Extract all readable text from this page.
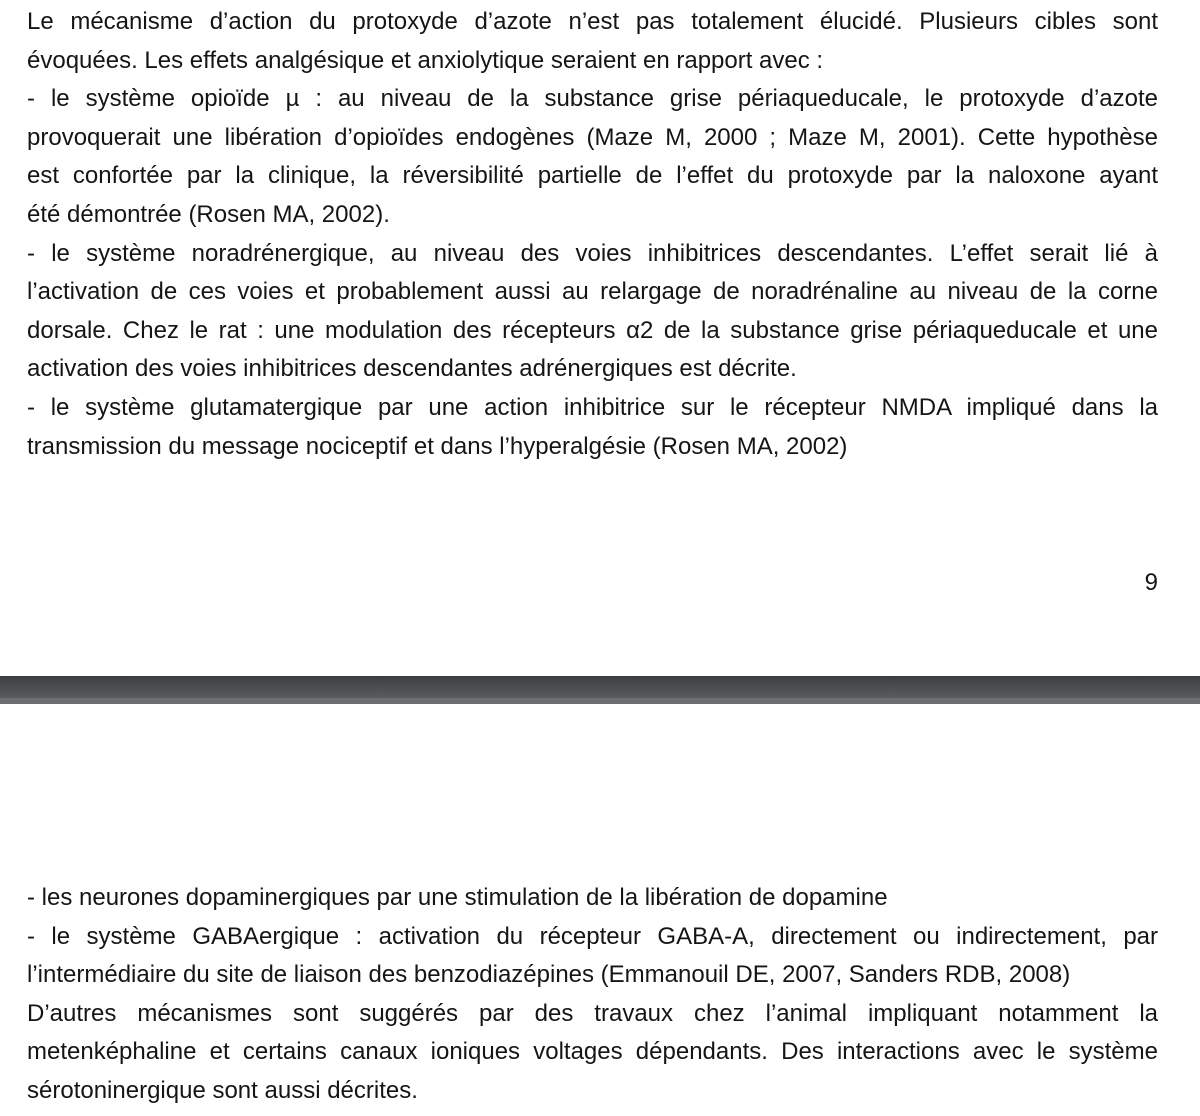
Le mécanisme d’action du protoxyde d’azote n’est pas totalement élucidé. Plusieurs cibles sont
évoquées. Les effets analgésique et anxiolytique seraient en rapport avec :
- le système opioïde µ : au niveau de la substance grise périaqueducale, le protoxyde d’azote
provoquerait une libération d’opioïdes endogènes (Maze M, 2000 ; Maze M, 2001). Cette hypothèse
est confortée par la clinique, la réversibilité partielle de l’effet du protoxyde par la naloxone ayant
été démontrée (Rosen MA, 2002).
- le système noradrénergique, au niveau des voies inhibitrices descendantes. L’effet serait lié à
l’activation de ces voies et probablement aussi au relargage de noradrénaline au niveau de la corne
dorsale. Chez le rat : une modulation des récepteurs α2 de la substance grise périaqueducale et une
activation des voies inhibitrices descendantes adrénergiques est décrite.
- le système glutamatergique par une action inhibitrice sur le récepteur NMDA impliqué dans la
transmission du message nociceptif et dans l’hyperalgésie (Rosen MA, 2002)
9
- les neurones dopaminergiques par une stimulation de la libération de dopamine
- le système GABAergique : activation du récepteur GABA-A, directement ou indirectement, par
l’intermédiaire du site de liaison des benzodiazépines (Emmanouil DE, 2007, Sanders RDB, 2008)
D’autres mécanismes sont suggérés par des travaux chez l’animal impliquant notamment la
metenképhaline et certains canaux ioniques voltages dépendants. Des interactions avec le système
sérotoninergique sont aussi décrites.
